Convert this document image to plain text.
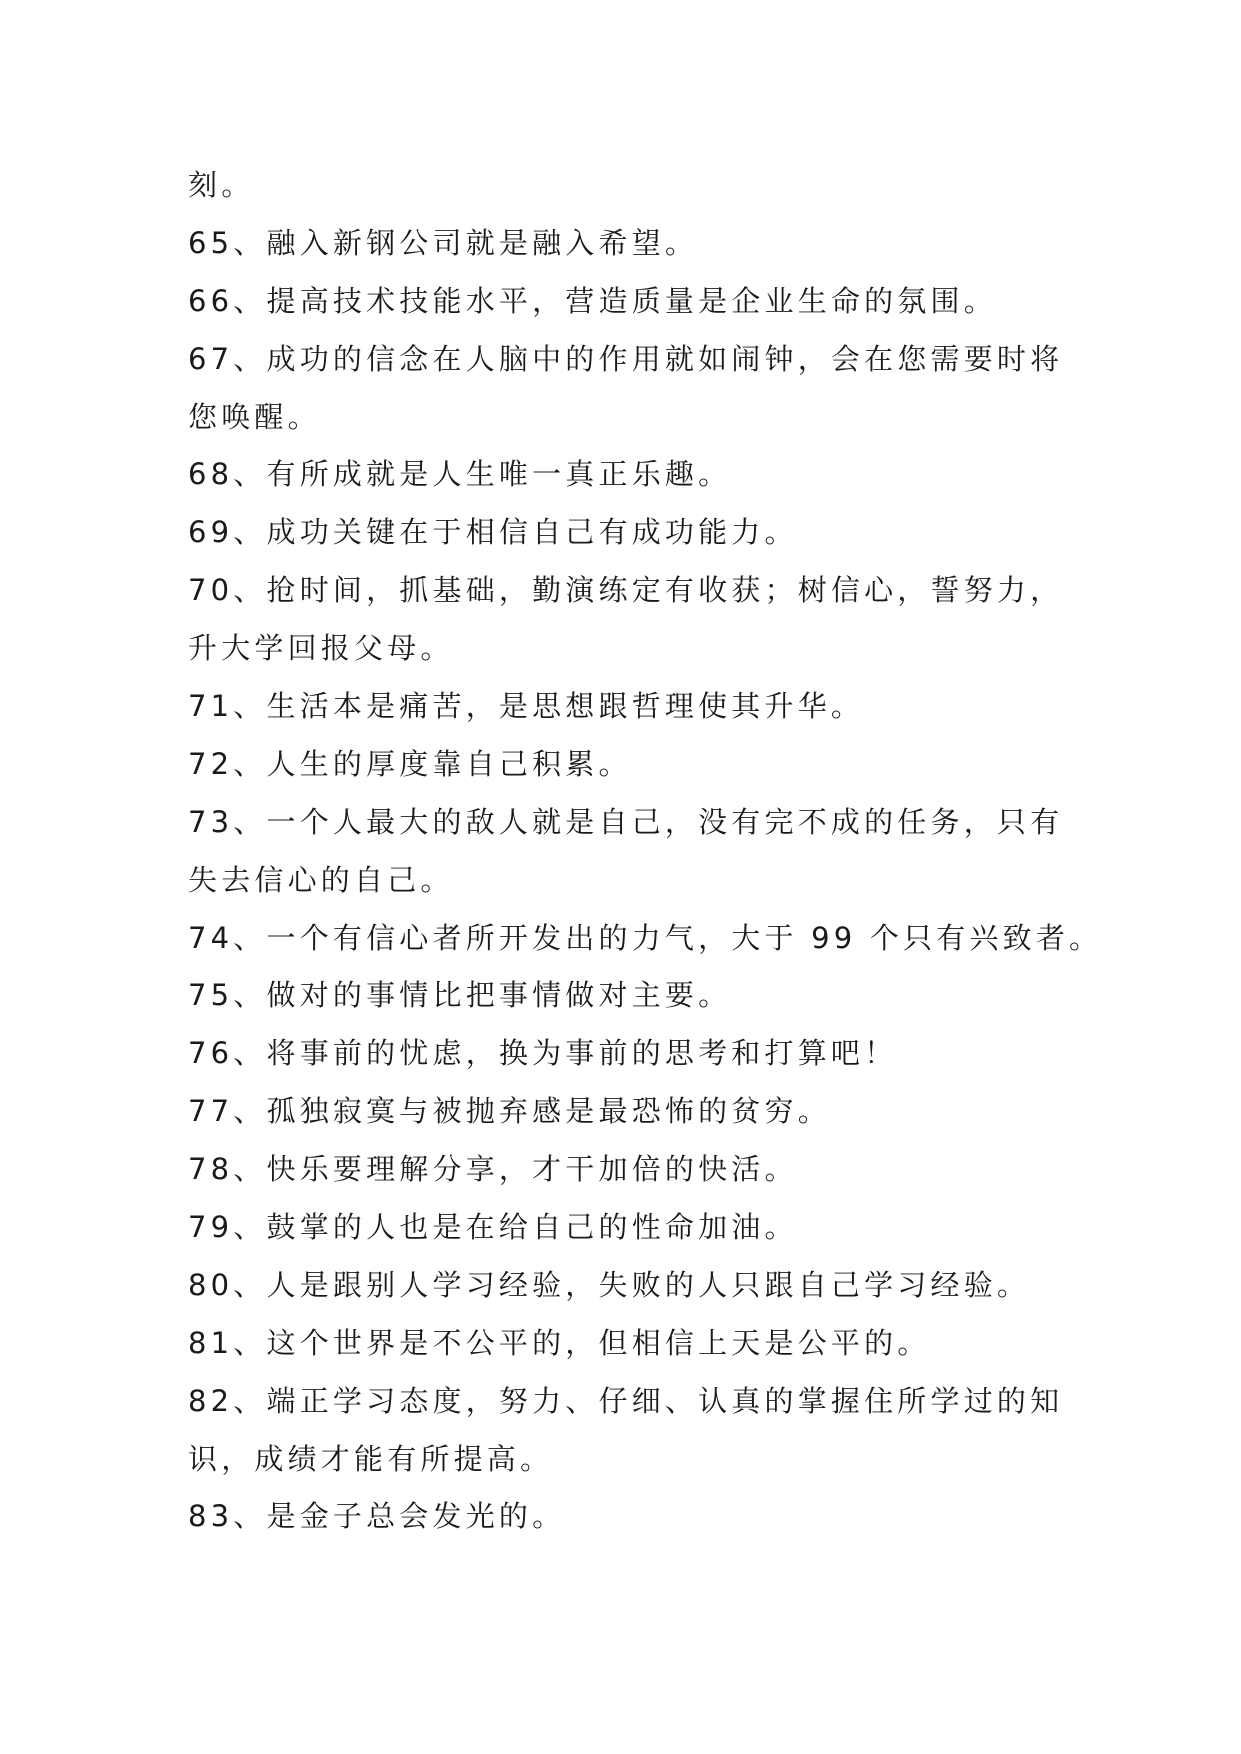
刻。
65、融入新钢公司就是融入希望。
66、提高技术技能水平，营造质量是企业生命的氛围。
67、成功的信念在人脑中的作用就如闹钟，会在您需要时将
您唤醒。
68、有所成就是人生唯一真正乐趣。
69、成功关键在于相信自己有成功能力。
70、抢时间，抓基础，勤演练定有收获；树信心，誓努力，
升大学回报父母。
71、生活本是痛苦，是思想跟哲理使其升华。
72、人生的厚度靠自己积累。
73、一个人最大的敌人就是自己，没有完不成的任务，只有
失去信心的自己。
74、一个有信心者所开发出的力气，大于 99 个只有兴致者。
75、做对的事情比把事情做对主要。
76、将事前的忧虑，换为事前的思考和打算吧！
77、孤独寂寞与被抛弃感是最恐怖的贫穷。
78、快乐要理解分享，才干加倍的快活。
79、鼓掌的人也是在给自己的性命加油。
80、人是跟别人学习经验，失败的人只跟自己学习经验。
81、这个世界是不公平的，但相信上天是公平的。
82、端正学习态度，努力、仔细、认真的掌握住所学过的知
识，成绩才能有所提高。
83、是金子总会发光的。
